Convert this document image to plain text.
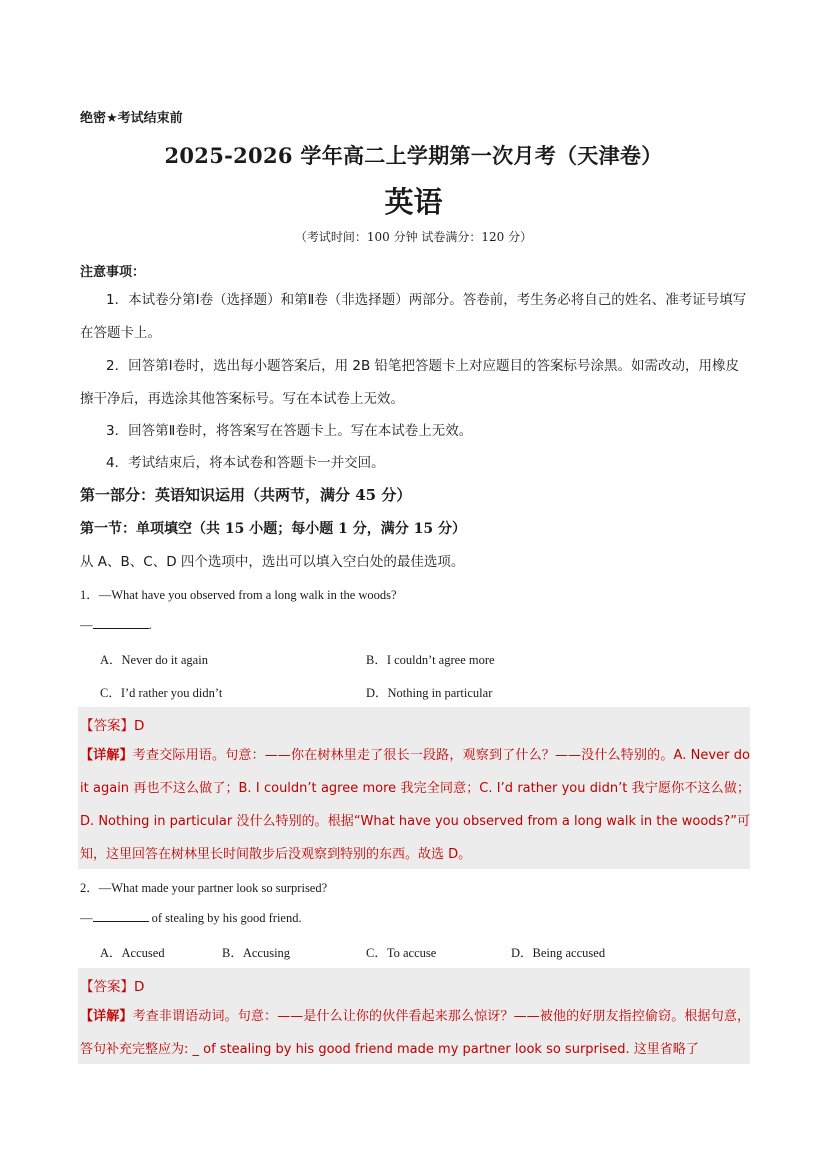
绝密★考试结束前
2025-2026 学年高二上学期第一次月考（天津卷）
英语
（考试时间：100 分钟 试卷满分：120 分）
注意事项：
1．本试卷分第Ⅰ卷（选择题）和第Ⅱ卷（非选择题）两部分。答卷前，考生务必将自己的姓名、准考证号填写在答题卡上。
2．回答第Ⅰ卷时，选出每小题答案后，用 2B 铅笔把答题卡上对应题目的答案标号涂黑。如需改动，用橡皮擦干净后，再选涂其他答案标号。写在本试卷上无效。
3．回答第Ⅱ卷时，将答案写在答题卡上。写在本试卷上无效。
4．考试结束后，将本试卷和答题卡一并交回。
第一部分：英语知识运用（共两节，满分 45 分）
第一节：单项填空（共 15 小题；每小题 1 分，满分 15 分）
从 A、B、C、D 四个选项中，选出可以填入空白处的最佳选项。
1．—What have you observed from a long walk in the woods?
—	.
A．Never do it again	B．I couldn’t agree more
C．I’d rather you didn’t	D．Nothing in particular
【答案】D
【详解】考查交际用语。句意：——你在树林里走了很长一段路，观察到了什么？——没什么特别的。A. Never do it again 再也不这么做了；B. I couldn’t agree more 我完全同意；C. I’d rather you didn’t 我宁愿你不这么做；D. Nothing in particular 没什么特别的。根据“What have you observed from a long walk in the woods?”可知，这里回答在树林里长时间散步后没观察到特别的东西。故选 D。
2．—What made your partner look so surprised?
—	of stealing by his good friend.
A．Accused	B．Accusing	C．To accuse	D．Being accused
【答案】D
【详解】考查非谓语动词。句意：——是什么让你的伙伴看起来那么惊讶？——被他的好朋友指控偷窃。根据句意，答句补充完整应为: _ of stealing by his good friend made my partner look so surprised. 这里省略了
